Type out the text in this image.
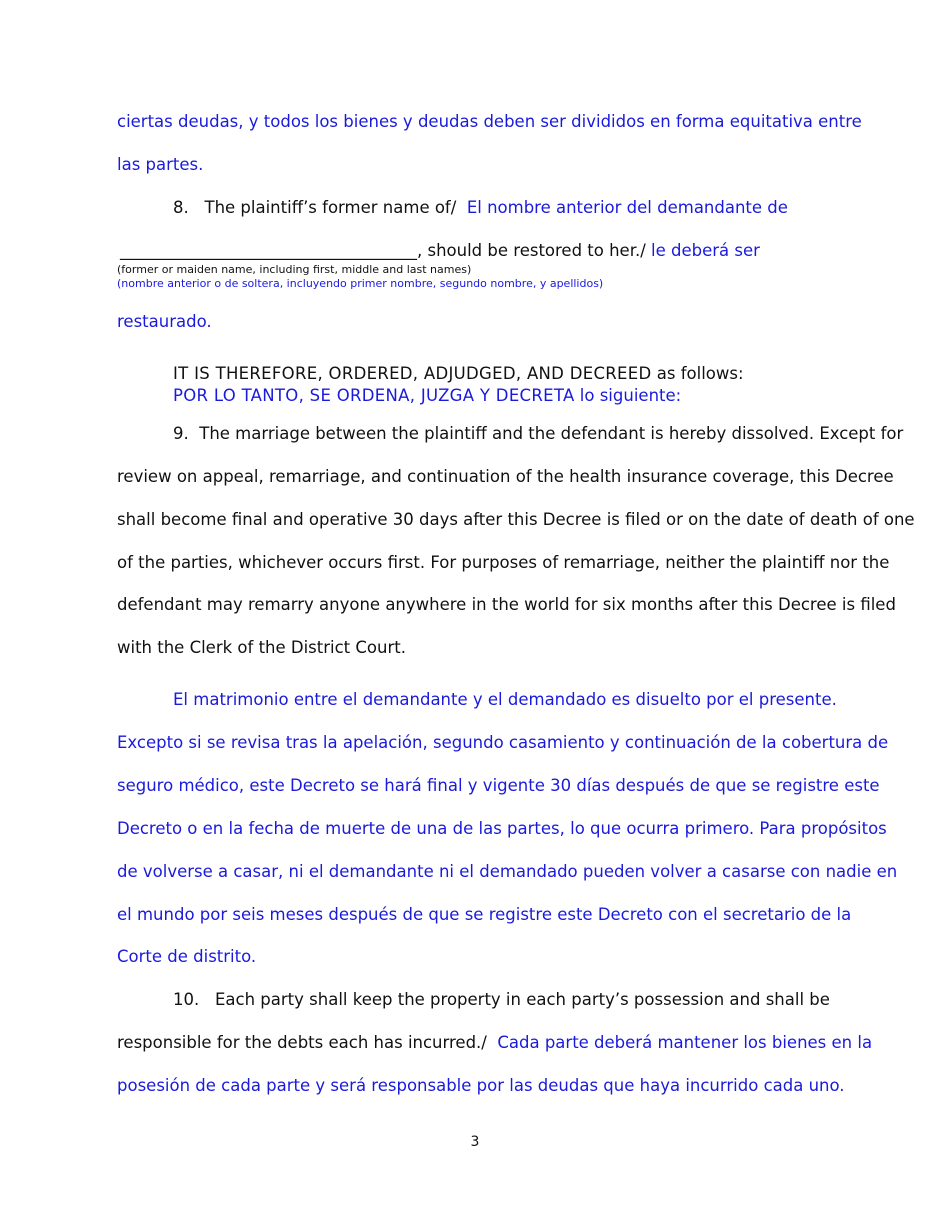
ciertas deudas, y todos los bienes y deudas deben ser divididos en forma equitativa entre
las partes.
8. The plaintiff’s former name of/ El nombre anterior del demandante de
____________________________________, should be restored to her./ le deberá ser
(former or maiden name, including first, middle and last names)
(nombre anterior o de soltera, incluyendo primer nombre, segundo nombre, y apellidos)
restaurado.
IT IS THEREFORE, ORDERED, ADJUDGED, AND DECREED as follows:
POR LO TANTO, SE ORDENA, JUZGA Y DECRETA lo siguiente:
9. The marriage between the plaintiff and the defendant is hereby dissolved. Except for
review on appeal, remarriage, and continuation of the health insurance coverage, this Decree
shall become final and operative 30 days after this Decree is filed or on the date of death of one
of the parties, whichever occurs first. For purposes of remarriage, neither the plaintiff nor the
defendant may remarry anyone anywhere in the world for six months after this Decree is filed
with the Clerk of the District Court.
El matrimonio entre el demandante y el demandado es disuelto por el presente.
Excepto si se revisa tras la apelación, segundo casamiento y continuación de la cobertura de
seguro médico, este Decreto se hará final y vigente 30 días después de que se registre este
Decreto o en la fecha de muerte de una de las partes, lo que ocurra primero. Para propósitos
de volverse a casar, ni el demandante ni el demandado pueden volver a casarse con nadie en
el mundo por seis meses después de que se registre este Decreto con el secretario de la
Corte de distrito.
10. Each party shall keep the property in each party’s possession and shall be
responsible for the debts each has incurred./ Cada parte deberá mantener los bienes en la
posesión de cada parte y será responsable por las deudas que haya incurrido cada uno.
3
